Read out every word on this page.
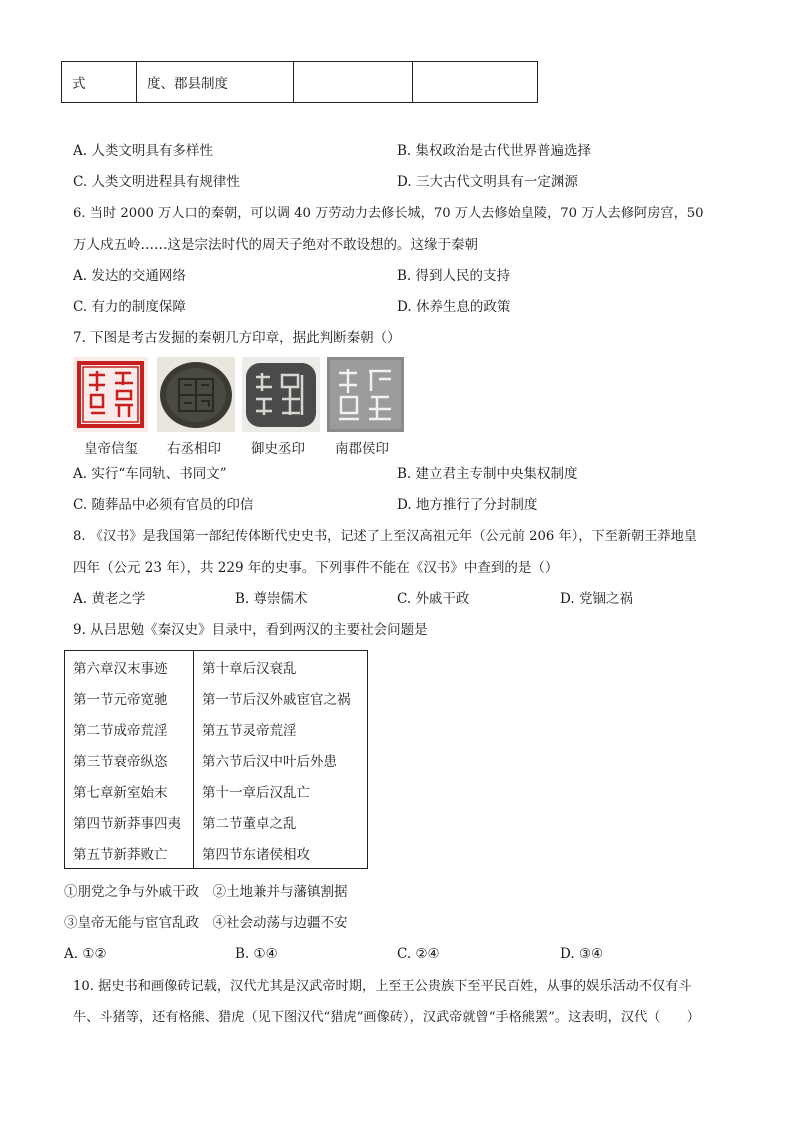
式	度、郡县制度		
A. 人类文明具有多样性	B. 集权政治是古代世界普遍选择
C. 人类文明进程具有规律性	D. 三大古代文明具有一定渊源
6. 当时 2000 万人口的秦朝，可以调 40 万劳动力去修长城，70 万人去修始皇陵，70 万人去修阿房宫，50
万人戍五岭……这是宗法时代的周天子绝对不敢设想的。这缘于秦朝
A. 发达的交通网络	B. 得到人民的支持
C. 有力的制度保障	D. 休养生息的政策
7. 下图是考古发掘的秦朝几方印章，据此判断秦朝（）
皇帝信玺 右丞相印 御史丞印 南郡侯印
A. 实行“车同轨、书同文”	B. 建立君主专制中央集权制度
C. 随葬品中必须有官员的印信	D. 地方推行了分封制度
8. 《汉书》是我国第一部纪传体断代史史书，记述了上至汉高祖元年（公元前 206 年），下至新朝王莽地皇
四年（公元 23 年），共 229 年的史事。下列事件不能在《汉书》中查到的是（）
A. 黄老之学	B. 尊崇儒术	C. 外戚干政	D. 党锢之祸
9. 从吕思勉《秦汉史》目录中，看到两汉的主要社会问题是
第六章汉末事迹	第十章后汉衰乱
第一节元帝宽驰	第一节后汉外戚宦官之祸
第二节成帝荒淫	第五节灵帝荒淫
第三节衰帝纵恣	第六节后汉中叶后外患
第七章新室始末	第十一章后汉乱亡
第四节新莽事四夷	第二节董卓之乱
第五节新莽败亡	第四节东诸侯相攻
①朋党之争与外戚干政　②土地兼并与藩镇割据
③皇帝无能与宦官乱政　④社会动荡与边疆不安
A. ①②	B. ①④	C. ②④	D. ③④
10. 据史书和画像砖记载，汉代尤其是汉武帝时期，上至王公贵族下至平民百姓，从事的娱乐活动不仅有斗
牛、斗猪等，还有格熊、猎虎（见下图汉代“猎虎”画像砖），汉武帝就曾“手格熊罴”。这表明，汉代（　　）
